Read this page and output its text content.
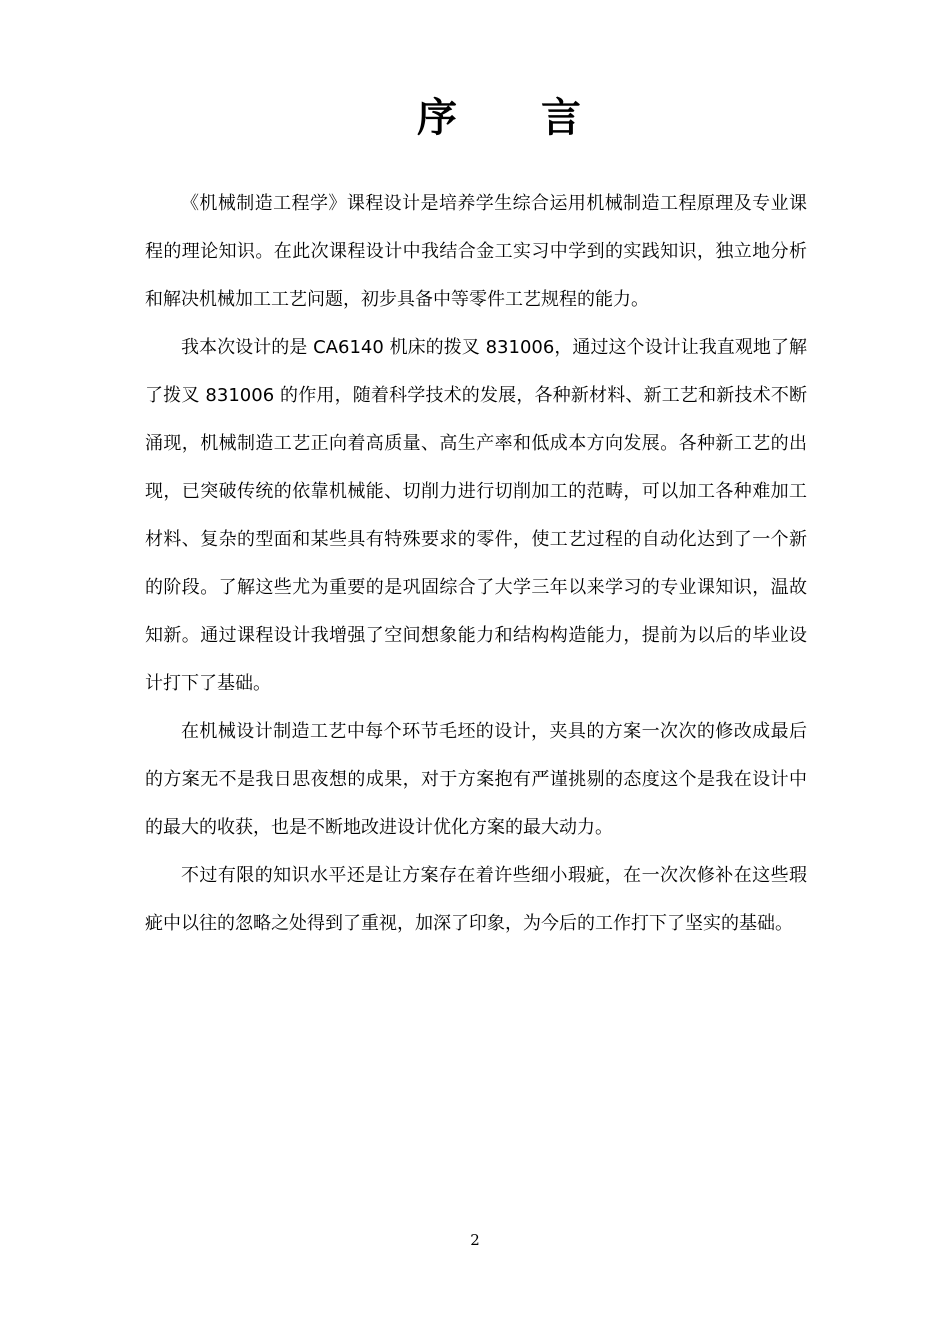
序 言

《机械制造工程学》课程设计是培养学生综合运用机械制造工程原理及专业课程的理论知识。在此次课程设计中我结合金工实习中学到的实践知识，独立地分析和解决机械加工工艺问题，初步具备中等零件工艺规程的能力。

我本次设计的是 CA6140 机床的拨叉 831006，通过这个设计让我直观地了解了拨叉 831006 的作用，随着科学技术的发展，各种新材料、新工艺和新技术不断涌现，机械制造工艺正向着高质量、高生产率和低成本方向发展。各种新工艺的出现，已突破传统的依靠机械能、切削力进行切削加工的范畴，可以加工各种难加工材料、复杂的型面和某些具有特殊要求的零件，使工艺过程的自动化达到了一个新的阶段。了解这些尤为重要的是巩固综合了大学三年以来学习的专业课知识，温故知新。通过课程设计我增强了空间想象能力和结构构造能力，提前为以后的毕业设计打下了基础。

在机械设计制造工艺中每个环节毛坯的设计，夹具的方案一次次的修改成最后的方案无不是我日思夜想的成果，对于方案抱有严谨挑剔的态度这个是我在设计中的最大的收获，也是不断地改进设计优化方案的最大动力。

不过有限的知识水平还是让方案存在着许些细小瑕疵，在一次次修补在这些瑕疵中以往的忽略之处得到了重视，加深了印象，为今后的工作打下了坚实的基础。

2
